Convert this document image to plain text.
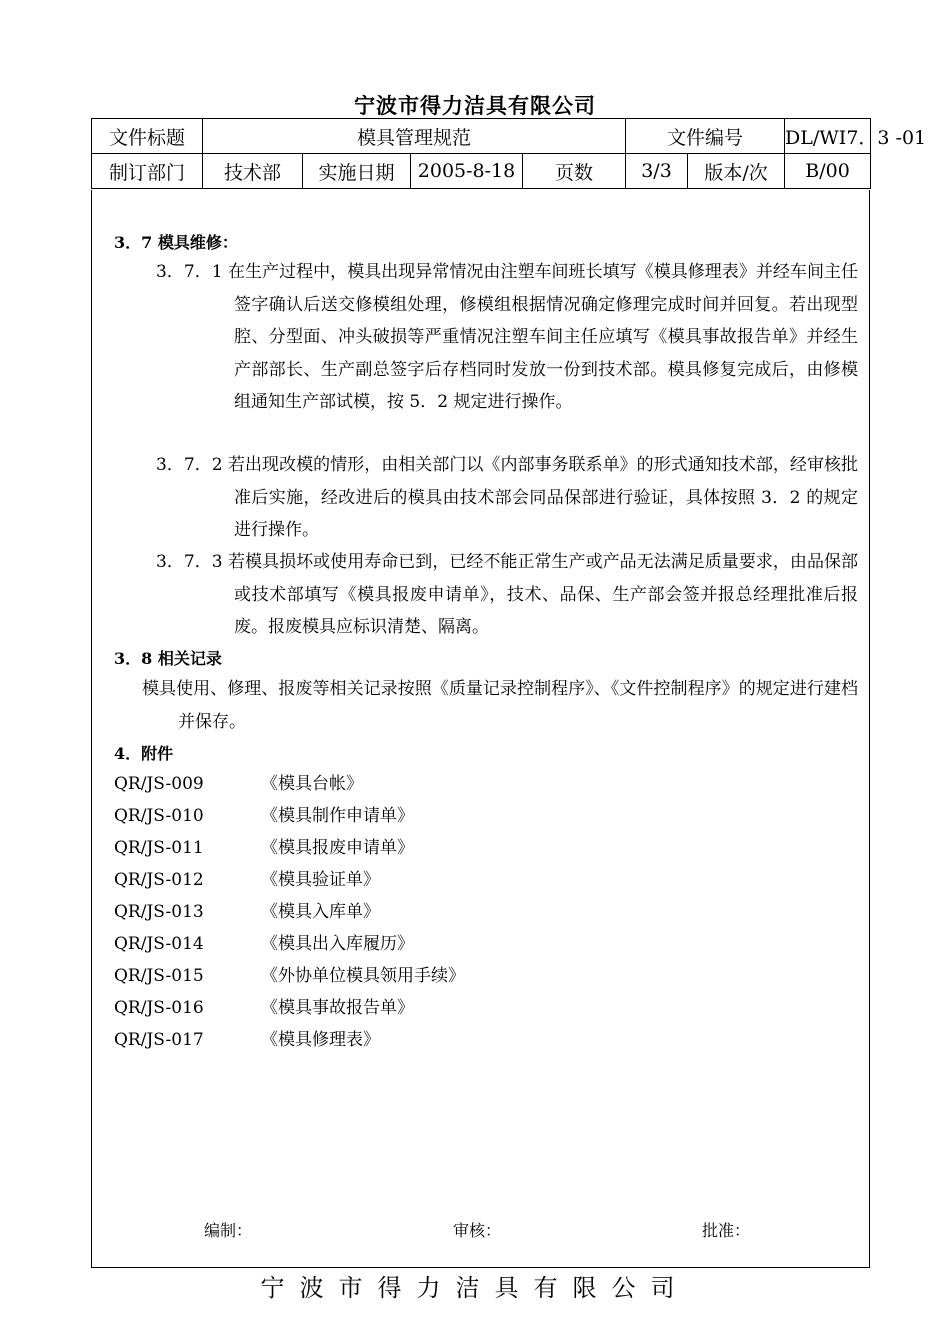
宁波市得力洁具有限公司
文件标题	模具管理规范				文件编号		DL/WI7．3 -01
制订部门	技术部	实施日期	2005-8-18	页数	3/3	版本/次	B/00
3．7 模具维修：
3．7．1 在生产过程中，模具出现异常情况由注塑车间班长填写《模具修理表》并经车间主任签字确认后送交修模组处理，修模组根据情况确定修理完成时间并回复。若出现型腔、分型面、冲头破损等严重情况注塑车间主任应填写《模具事故报告单》并经生产部部长、生产副总签字后存档同时发放一份到技术部。模具修复完成后，由修模组通知生产部试模，按 5．2 规定进行操作。
3．7．2 若出现改模的情形，由相关部门以《内部事务联系单》的形式通知技术部，经审核批准后实施，经改进后的模具由技术部会同品保部进行验证，具体按照 3．2 的规定进行操作。
3．7．3 若模具损坏或使用寿命已到，已经不能正常生产或产品无法满足质量要求，由品保部或技术部填写《模具报废申请单》，技术、品保、生产部会签并报总经理批准后报废。报废模具应标识清楚、隔离。
3．8 相关记录
模具使用、修理、报废等相关记录按照《质量记录控制程序》、《文件控制程序》的规定进行建档并保存。
4．附件
QR/JS-009	《模具台帐》
QR/JS-010	《模具制作申请单》
QR/JS-011	《模具报废申请单》
QR/JS-012	《模具验证单》
QR/JS-013	《模具入库单》
QR/JS-014	《模具出入库履历》
QR/JS-015	《外协单位模具领用手续》
QR/JS-016	《模具事故报告单》
QR/JS-017	《模具修理表》
编制：	审核：	批准：
宁波市得力洁具有限公司
